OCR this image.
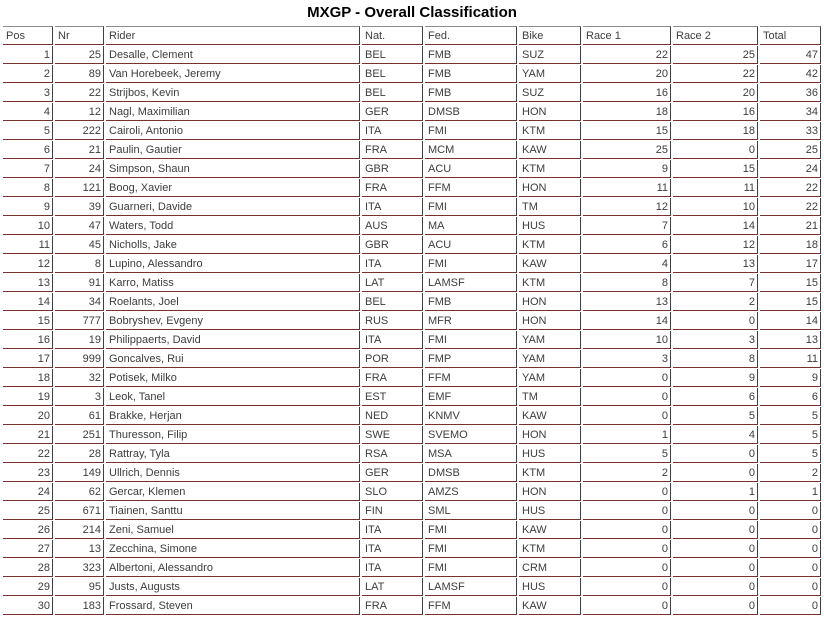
MXGP - Overall Classification
Pos	Nr	Rider	Nat.	Fed.	Bike	Race 1	Race 2	Total
1	25	Desalle, Clement	BEL	FMB	SUZ	22	25	47
2	89	Van Horebeek, Jeremy	BEL	FMB	YAM	20	22	42
3	22	Strijbos, Kevin	BEL	FMB	SUZ	16	20	36
4	12	Nagl, Maximilian	GER	DMSB	HON	18	16	34
5	222	Cairoli, Antonio	ITA	FMI	KTM	15	18	33
6	21	Paulin, Gautier	FRA	MCM	KAW	25	0	25
7	24	Simpson, Shaun	GBR	ACU	KTM	9	15	24
8	121	Boog, Xavier	FRA	FFM	HON	11	11	22
9	39	Guarneri, Davide	ITA	FMI	TM	12	10	22
10	47	Waters, Todd	AUS	MA	HUS	7	14	21
11	45	Nicholls, Jake	GBR	ACU	KTM	6	12	18
12	8	Lupino, Alessandro	ITA	FMI	KAW	4	13	17
13	91	Karro, Matiss	LAT	LAMSF	KTM	8	7	15
14	34	Roelants, Joel	BEL	FMB	HON	13	2	15
15	777	Bobryshev, Evgeny	RUS	MFR	HON	14	0	14
16	19	Philippaerts, David	ITA	FMI	YAM	10	3	13
17	999	Goncalves, Rui	POR	FMP	YAM	3	8	11
18	32	Potisek, Milko	FRA	FFM	YAM	0	9	9
19	3	Leok, Tanel	EST	EMF	TM	0	6	6
20	61	Brakke, Herjan	NED	KNMV	KAW	0	5	5
21	251	Thuresson, Filip	SWE	SVEMO	HON	1	4	5
22	28	Rattray, Tyla	RSA	MSA	HUS	5	0	5
23	149	Ullrich, Dennis	GER	DMSB	KTM	2	0	2
24	62	Gercar, Klemen	SLO	AMZS	HON	0	1	1
25	671	Tiainen, Santtu	FIN	SML	HUS	0	0	0
26	214	Zeni, Samuel	ITA	FMI	KAW	0	0	0
27	13	Zecchina, Simone	ITA	FMI	KTM	0	0	0
28	323	Albertoni, Alessandro	ITA	FMI	CRM	0	0	0
29	95	Justs, Augusts	LAT	LAMSF	HUS	0	0	0
30	183	Frossard, Steven	FRA	FFM	KAW	0	0	0
